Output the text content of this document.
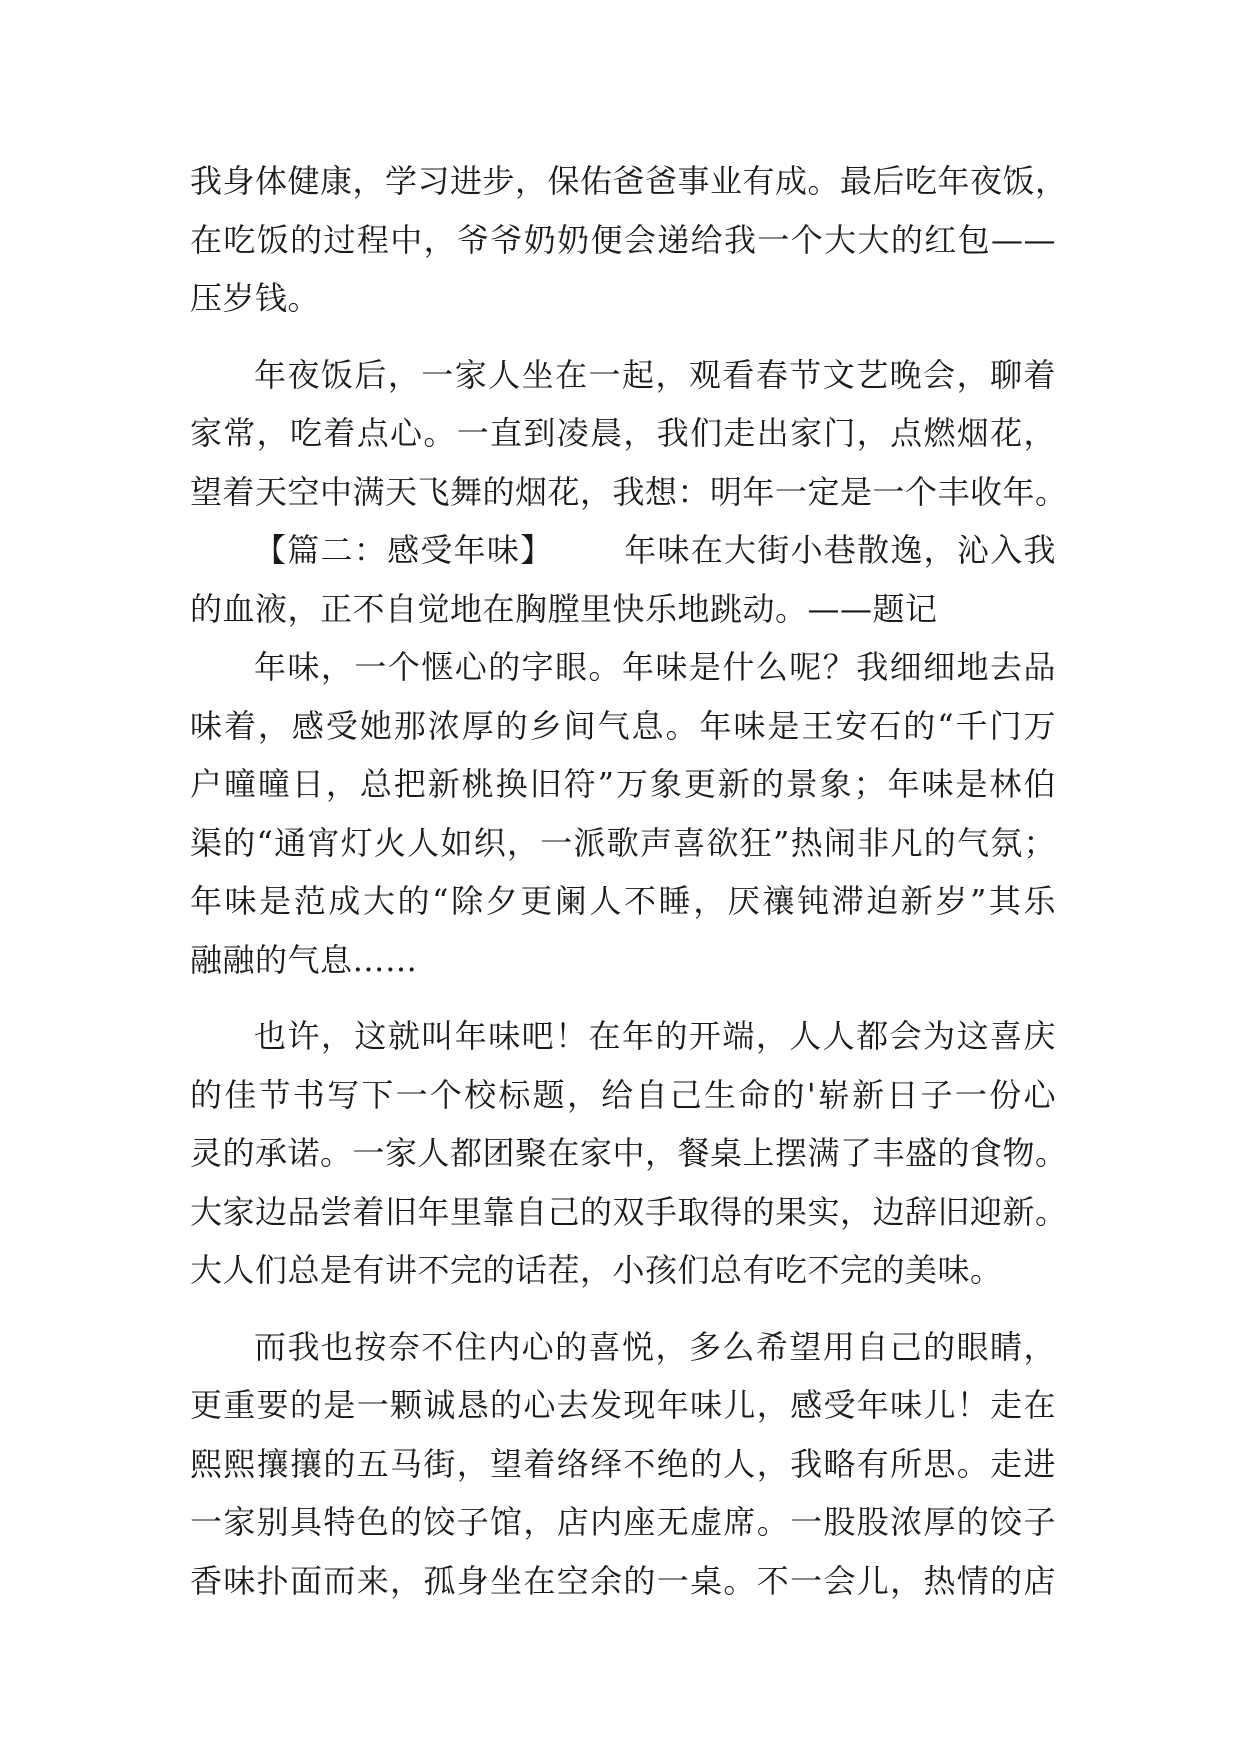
我身体健康，学习进步，保佑爸爸事业有成。最后吃年夜饭，
在吃饭的过程中，爷爷奶奶便会递给我一个大大的红包——
压岁钱。
年夜饭后，一家人坐在一起，观看春节文艺晚会，聊着
家常，吃着点心。一直到凌晨，我们走出家门，点燃烟花，
望着天空中满天飞舞的烟花，我想：明年一定是一个丰收年。
【篇二：感受年味】 年味在大街小巷散逸，沁入我
的血液，正不自觉地在胸膛里快乐地跳动。——题记
年味，一个惬心的字眼。年味是什么呢？我细细地去品
味着，感受她那浓厚的乡间气息。年味是王安石的“千门万
户曈曈日，总把新桃换旧符”万象更新的景象；年味是林伯
渠的“通宵灯火人如织，一派歌声喜欲狂”热闹非凡的气氛；
年味是范成大的“除夕更阑人不睡，厌禳钝滞迫新岁”其乐
融融的气息……
也许，这就叫年味吧！在年的开端，人人都会为这喜庆
的佳节书写下一个校标题，给自己生命的'崭新日子一份心
灵的承诺。一家人都团聚在家中，餐桌上摆满了丰盛的食物。
大家边品尝着旧年里靠自己的双手取得的果实，边辞旧迎新。
大人们总是有讲不完的话茬，小孩们总有吃不完的美味。
而我也按奈不住内心的喜悦，多么希望用自己的眼睛，
更重要的是一颗诚恳的心去发现年味儿，感受年味儿！走在
熙熙攘攘的五马街，望着络绎不绝的人，我略有所思。走进
一家别具特色的饺子馆，店内座无虚席。一股股浓厚的饺子
香味扑面而来，孤身坐在空余的一桌。不一会儿，热情的店
